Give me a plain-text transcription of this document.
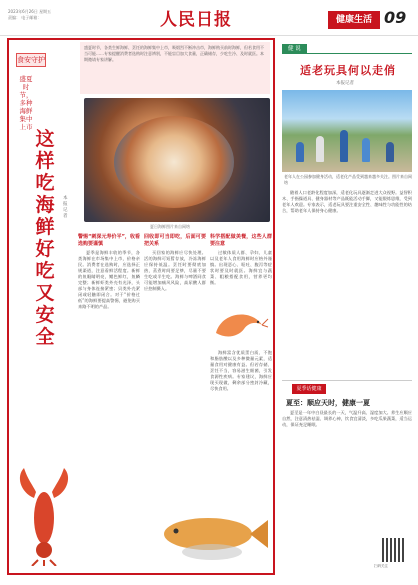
2023年6月26日 星期五
责编： 电子邮箱：	人民日报	健康生活 09
食安守护
盛夏时节，多种海鲜集中上市
这样吃海鲜 好吃又安全
本报记者
盛夏时节，各类生鲜海鲜、烹饪的海鲜集中上市，吸烟烈不断冲击市，海鲜购买前时海鲜，但若食用不当可能……专家提醒消费者选购时注意辨别，不能盲目加大食量，正确储存，少吃生冷、及时就医。本期邀请专家讲解。
夏日海鲜图片来自网络
警惕“刺深元寿价平”，收看选购要谨慎

夏季是海鲜丰收的季节，各类海鲜在市场集中上市，价格亲民。消费者在选购时，应选择正规渠道，注意看鲜活程度。新鲜的鱼眼睛明亮，鳃色鲜红，鱼鳞完整；新鲜虾类外壳有光泽，头部与身体连接紧密；贝类外壳紧闭或轻触即闭合。对于“价格过低”的海鲜要提高警惕，避免购买来路不明的产品。

回收即可当即吃，后面可要把关系

买回家的海鲜应尽快处理。活的海鲜可短暂存放，冷冻海鲜应保持低温。烹饪时要彻底加热，蒸煮时间要足够，尽量不要生吃或半生吃。海鲜与啤酒同食可能增加痛风风险，高尿酸人群应控制摄入。

科学搭配做美餐，这些人群要注意

过敏体质人群、孕妇、儿童以及老年人食用海鲜时应格外谨慎。出现恶心、呕吐、腹泻等症状时要及时就医。海鲜宜与蔬菜、粗粮搭配食用，营养更均衡。

海鲜富含优质蛋白质、不饱和脂肪酸以及多种微量元素，适量食用对健康有益。但若存储、烹饪不当，容易滋生细菌，引发食源性疾病。专家建议，海鲜应现买现做，剩余部分密封冷藏，尽快食用。

健 说
适老玩具何以走俏
本报记者
老年人在公园参加健身活动，适老化产品受到越来越多关注。图片来自网络

随着人口老龄化程度加深，适老化玩具逐渐走进大众视野。益智积木、手指操道具、健身器材等产品既能活动手脚，又能锻炼思维，受到老年人欢迎。专家表示，适老玩具要注重安全性、趣味性与功能性的结合，帮助老年人保持身心健康。

夏季话健康
夏至：顺应天时，健康一夏

夏至是一年中白昼最长的一天，气温升高、湿度加大。养生应顺应自然，注意清热祛湿、调养心神，饮食宜清淡，多吃瓜果蔬菜，适当运动，保证充足睡眠。

扫码关注
